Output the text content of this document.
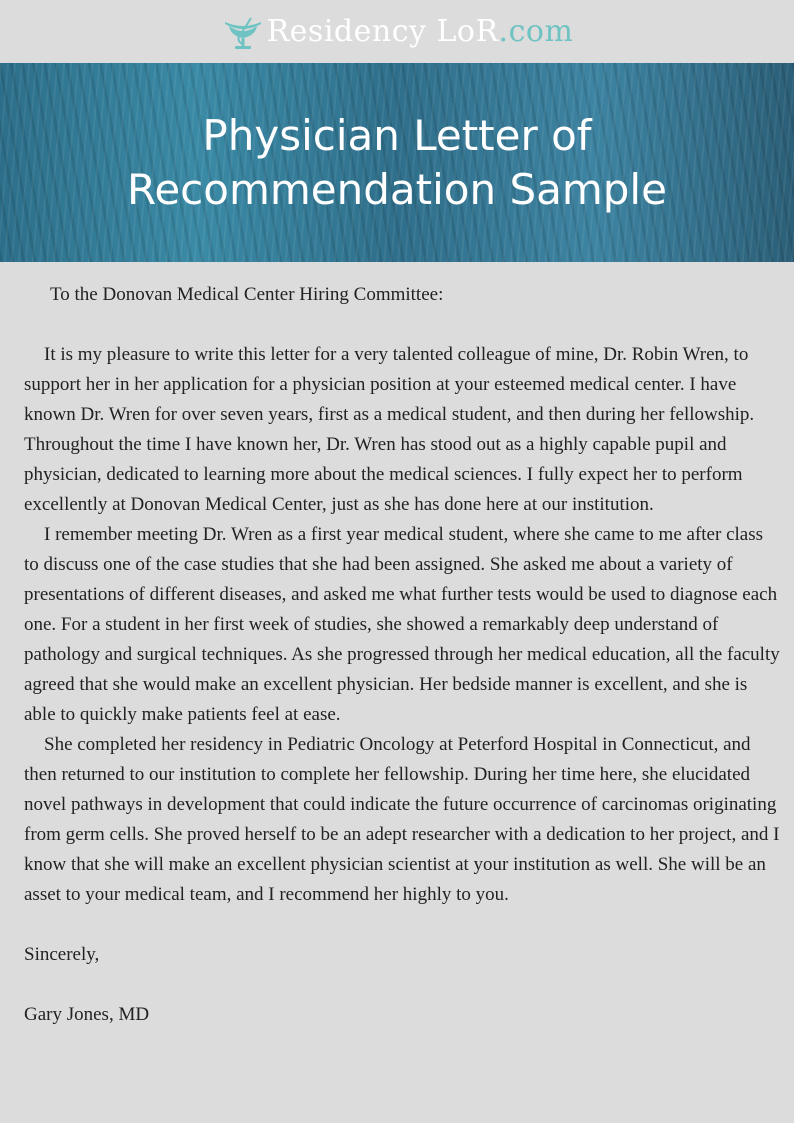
Residency LoR.com
Physician Letter of
Recommendation Sample

To the Donovan Medical Center Hiring Committee:

It is my pleasure to write this letter for a very talented colleague of mine, Dr. Robin Wren, to support her in her application for a physician position at your esteemed medical center. I have known Dr. Wren for over seven years, first as a medical student, and then during her fellowship. Throughout the time I have known her, Dr. Wren has stood out as a highly capable pupil and physician, dedicated to learning more about the medical sciences. I fully expect her to perform excellently at Donovan Medical Center, just as she has done here at our institution.

I remember meeting Dr. Wren as a first year medical student, where she came to me after class to discuss one of the case studies that she had been assigned. She asked me about a variety of presentations of different diseases, and asked me what further tests would be used to diagnose each one. For a student in her first week of studies, she showed a remarkably deep understand of pathology and surgical techniques. As she progressed through her medical education, all the faculty agreed that she would make an excellent physician. Her bedside manner is excellent, and she is able to quickly make patients feel at ease.

She completed her residency in Pediatric Oncology at Peterford Hospital in Connecticut, and then returned to our institution to complete her fellowship. During her time here, she elucidated novel pathways in development that could indicate the future occurrence of carcinomas originating from germ cells. She proved herself to be an adept researcher with a dedication to her project, and I know that she will make an excellent physician scientist at your institution as well. She will be an asset to your medical team, and I recommend her highly to you.

Sincerely,

Gary Jones, MD
